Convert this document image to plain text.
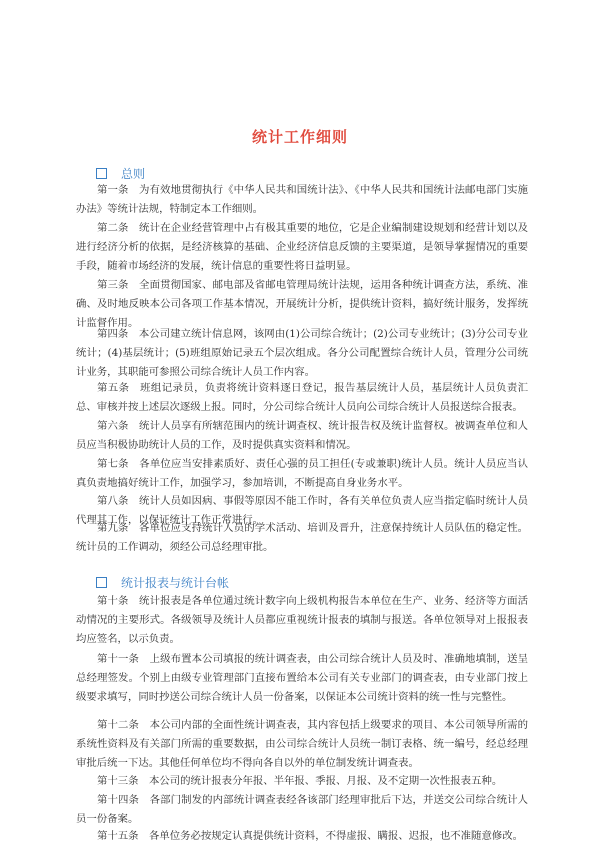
统计工作细则
总则
第一条　为有效地贯彻执行《中华人民共和国统计法》、《中华人民共和国统计法邮电部门实施办法》等统计法规，特制定本工作细则。
第二条　统计在企业经营管理中占有极其重要的地位，它是企业编制建设规划和经营计划以及进行经济分析的依据，是经济核算的基础、企业经济信息反馈的主要渠道，是领导掌握情况的重要手段，随着市场经济的发展，统计信息的重要性将日益明显。
第三条　全面贯彻国家、邮电部及省邮电管理局统计法规，运用各种统计调查方法，系统、准确、及时地反映本公司各项工作基本情况，开展统计分析，提供统计资料，搞好统计服务，发挥统计监督作用。
第四条　本公司建立统计信息网，该网由(1)公司综合统计；(2)公司专业统计；(3)分公司专业统计；(4)基层统计；(5)班组原始记录五个层次组成。各分公司配置综合统计人员，管理分公司统计业务，其职能可参照公司综合统计人员工作内容。
第五条　班组记录员，负责将统计资料逐日登记，报告基层统计人员，基层统计人员负责汇总、审核并按上述层次逐级上报。同时，分公司综合统计人员向公司综合统计人员报送综合报表。
第六条　统计人员享有所辖范围内的统计调查权、统计报告权及统计监督权。被调查单位和人员应当积极协助统计人员的工作，及时提供真实资料和情况。
第七条　各单位应当安排素质好、责任心强的员工担任(专或兼职)统计人员。统计人员应当认真负责地搞好统计工作，加强学习，参加培训，不断提高自身业务水平。
第八条　统计人员如因病、事假等原因不能工作时，各有关单位负责人应当指定临时统计人员代理其工作，以保证统计工作正常进行。
第九条　各单位应支持统计人员的学术活动、培训及晋升，注意保持统计人员队伍的稳定性。统计员的工作调动，须经公司总经理审批。
统计报表与统计台帐
第十条　统计报表是各单位通过统计数字向上级机构报告本单位在生产、业务、经济等方面活动情况的主要形式。各级领导及统计人员都应重视统计报表的填制与报送。各单位领导对上报报表均应签名，以示负责。
第十一条　上级布置本公司填报的统计调查表，由公司综合统计人员及时、准确地填制，送呈总经理签发。个别上由级专业管理部门直接布置给本公司有关专业部门的调查表，由专业部门按上级要求填写，同时抄送公司综合统计人员一份备案，以保证本公司统计资料的统一性与完整性。
第十二条　本公司内部的全面性统计调查表，其内容包括上级要求的项目、本公司领导所需的系统性资料及有关部门所需的重要数据，由公司综合统计人员统一制订表格、统一编号，经总经理审批后统一下达。其他任何单位均不得向各自以外的单位制发统计调查表。
第十三条　本公司的统计报表分年报、半年报、季报、月报、及不定期一次性报表五种。
第十四条　各部门制发的内部统计调查表经各该部门经理审批后下达，并送交公司综合统计人员一份备案。
第十五条　各单位务必按规定认真提供统计资料，不得虚报、瞒报、迟报，也不准随意修改。
